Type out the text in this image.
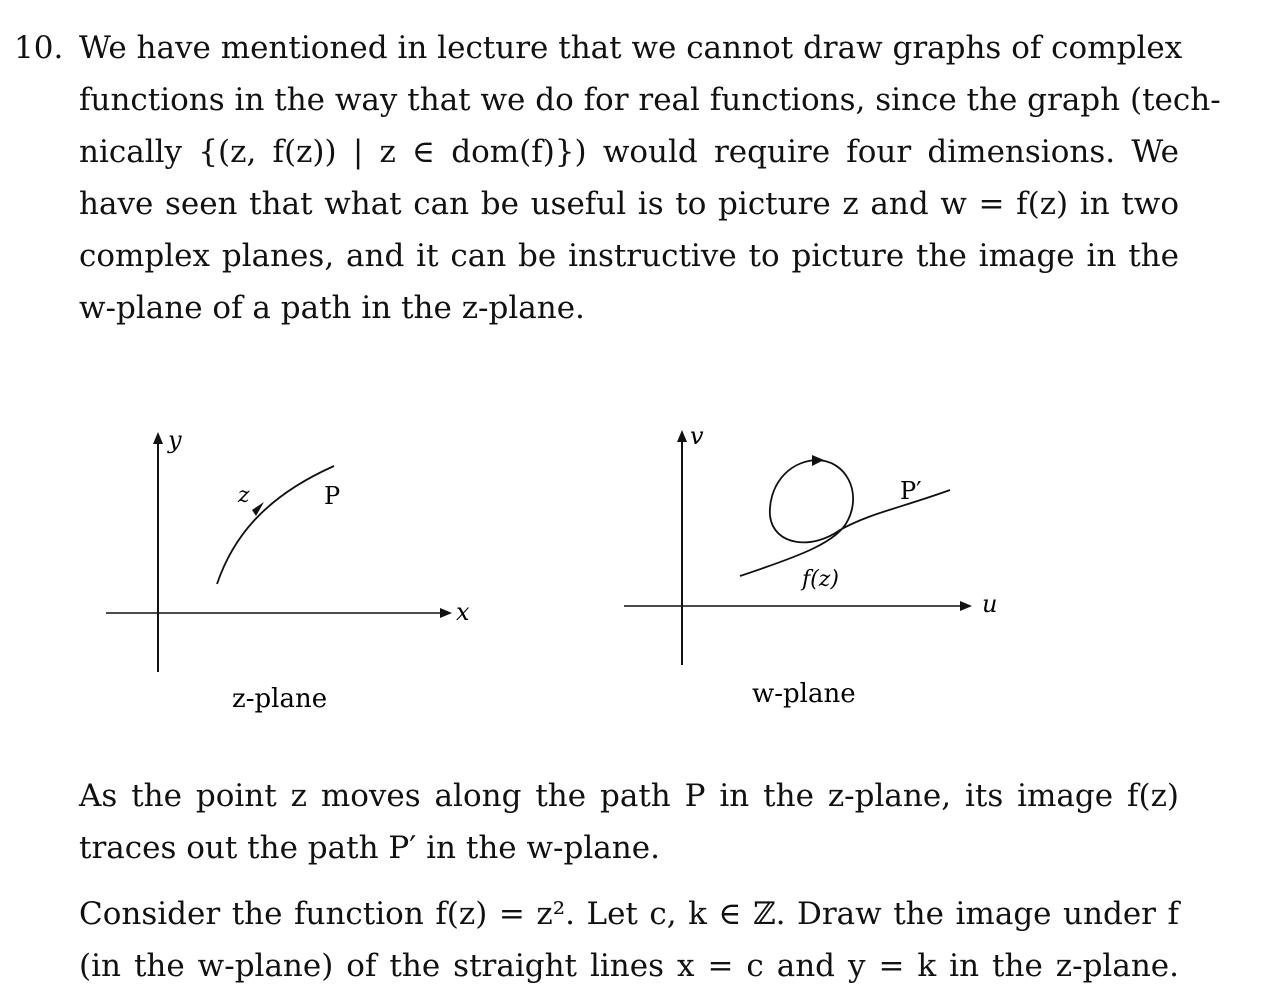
10. We have mentioned in lecture that we cannot draw graphs of complex
functions in the way that we do for real functions, since the graph (tech-
nically {(z, f(z)) | z ∈ dom(f)}) would require four dimensions. We
have seen that what can be useful is to picture z and w = f(z) in two
complex planes, and it can be instructive to picture the image in the
w-plane of a path in the z-plane.
y
x
z	P
z-plane
v
u
P′
f(z)
w-plane
As the point z moves along the path P in the z-plane, its image f(z)
traces out the path P′ in the w-plane.
Consider the function f(z) = z². Let c, k ∈ ℤ. Draw the image under f
(in the w-plane) of the straight lines x = c and y = k in the z-plane.
